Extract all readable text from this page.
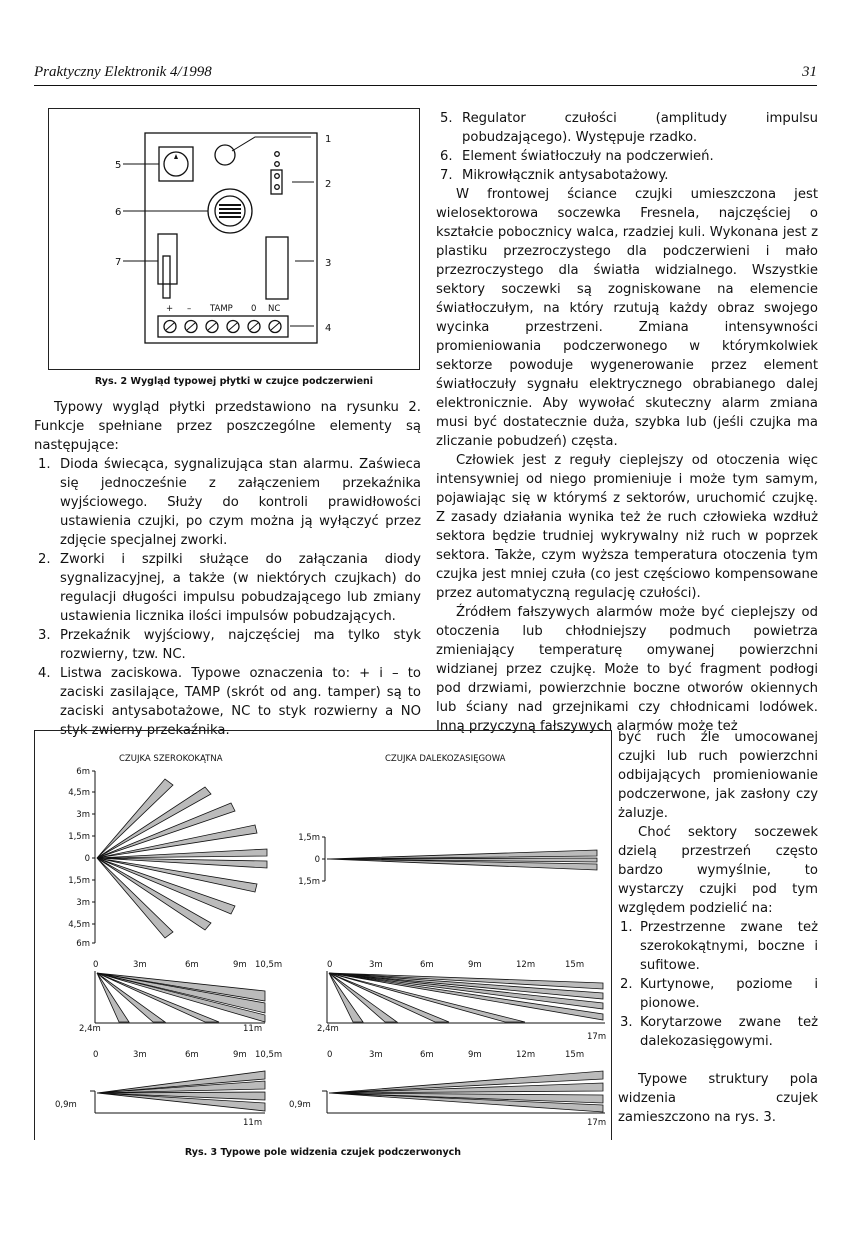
Praktyczny Elektronik 4/1998	31
1
2
3
4
5
6
7
+ – TAMP 0 NC
Rys. 2 Wygląd typowej płytki w czujce podczerwieni

Typowy wygląd płytki przedstawiono na rysunku 2. Funkcje spełniane przez poszczególne elementy są następujące:

1. Dioda świecąca, sygnalizująca stan alarmu. Zaświeca się jednocześnie z załączeniem przekaźnika wyjściowego. Służy do kontroli prawidłowości ustawienia czujki, po czym można ją wyłączyć przez zdjęcie specjalnej zworki.
2. Zworki i szpilki służące do załączania diody sygnalizacyjnej, a także (w niektórych czujkach) do regulacji długości impulsu pobudzającego lub zmiany ustawienia licznika ilości impulsów pobudzających.
3. Przekaźnik wyjściowy, najczęściej ma tylko styk rozwierny, tzw. NC.
4. Listwa zaciskowa. Typowe oznaczenia to: + i – to zaciski zasilające, TAMP (skrót od ang. tamper) są to zaciski antysabotażowe, NC to styk rozwierny a NO styk zwierny przekaźnika.
5. Regulator czułości (amplitudy impulsu pobudzającego). Występuje rzadko.
6. Element światłoczuły na podczerwień.
7. Mikrowłącznik antysabotażowy.

W frontowej ściance czujki umieszczona jest wielosektorowa soczewka Fresnela, najczęściej o kształcie pobocznicy walca, rzadziej kuli. Wykonana jest z plastiku przezroczystego dla podczerwieni i mało przezroczystego dla światła widzialnego. Wszystkie sektory soczewki są zogniskowane na elemencie światłoczułym, na który rzutują każdy obraz swojego wycinka przestrzeni. Zmiana intensywności promieniowania podczerwonego w którymkolwiek sektorze powoduje wygenerowanie przez element światłoczuły sygnału elektrycznego obrabianego dalej elektronicznie. Aby wywołać skuteczny alarm zmiana musi być dostatecznie duża, szybka lub (jeśli czujka ma zliczanie pobudzeń) częsta.

Człowiek jest z reguły cieplejszy od otoczenia więc intensywniej od niego promieniuje i może tym samym, pojawiając się w którymś z sektorów, uruchomić czujkę. Z zasady działania wynika też że ruch człowieka wzdłuż sektora będzie trudniej wykrywalny niż ruch w poprzek sektora. Także, czym wyższa temperatura otoczenia tym czujka jest mniej czuła (co jest częściowo kompensowane przez automatyczną regulację czułości).

Źródłem fałszywych alarmów może być cieplejszy od otoczenia lub chłodniejszy podmuch powietrza zmieniający temperaturę omywanej powierzchni widzianej przez czujkę. Może to być fragment podłogi pod drzwiami, powierzchnie boczne otworów okiennych lub ściany nad grzejnikami czy chłodnicami lodówek. Inną przyczyną fałszywych alarmów może też

być ruch źle umocowanej czujki lub ruch powierzchni odbijających promieniowanie podczerwone, jak zasłony czy żaluzje.

Choć sektory soczewek dzielą przestrzeń często bardzo wymyślnie, to wystarczy czujki pod tym względem podzielić na:

1. Przestrzenne zwane też szerokokątnymi, boczne i sufitowe.
2. Kurtynowe, poziome i pionowe.
3. Korytarzowe zwane też dalekozasięgowymi.

Typowe struktury pola widzenia czujek zamieszczono na rys. 3.

CZUJKA SZEROKOKĄTNA	CZUJKA DALEKOZASIĘGOWA
6m
4,5m
3m
1,5m
0
1,5m
3m
4,5m
6m
1,5m
0
1,5m
0	3m	6m	9m 10,5m
2,4m	11m
0	3m	6m	9m	12m	15m
2,4m
17m
0	3m	6m	9m 10,5m
0,9m
11m
0	3m	6m	9m	12m	15m
0,9m
17m
Rys. 3 Typowe pole widzenia czujek podczerwonych
